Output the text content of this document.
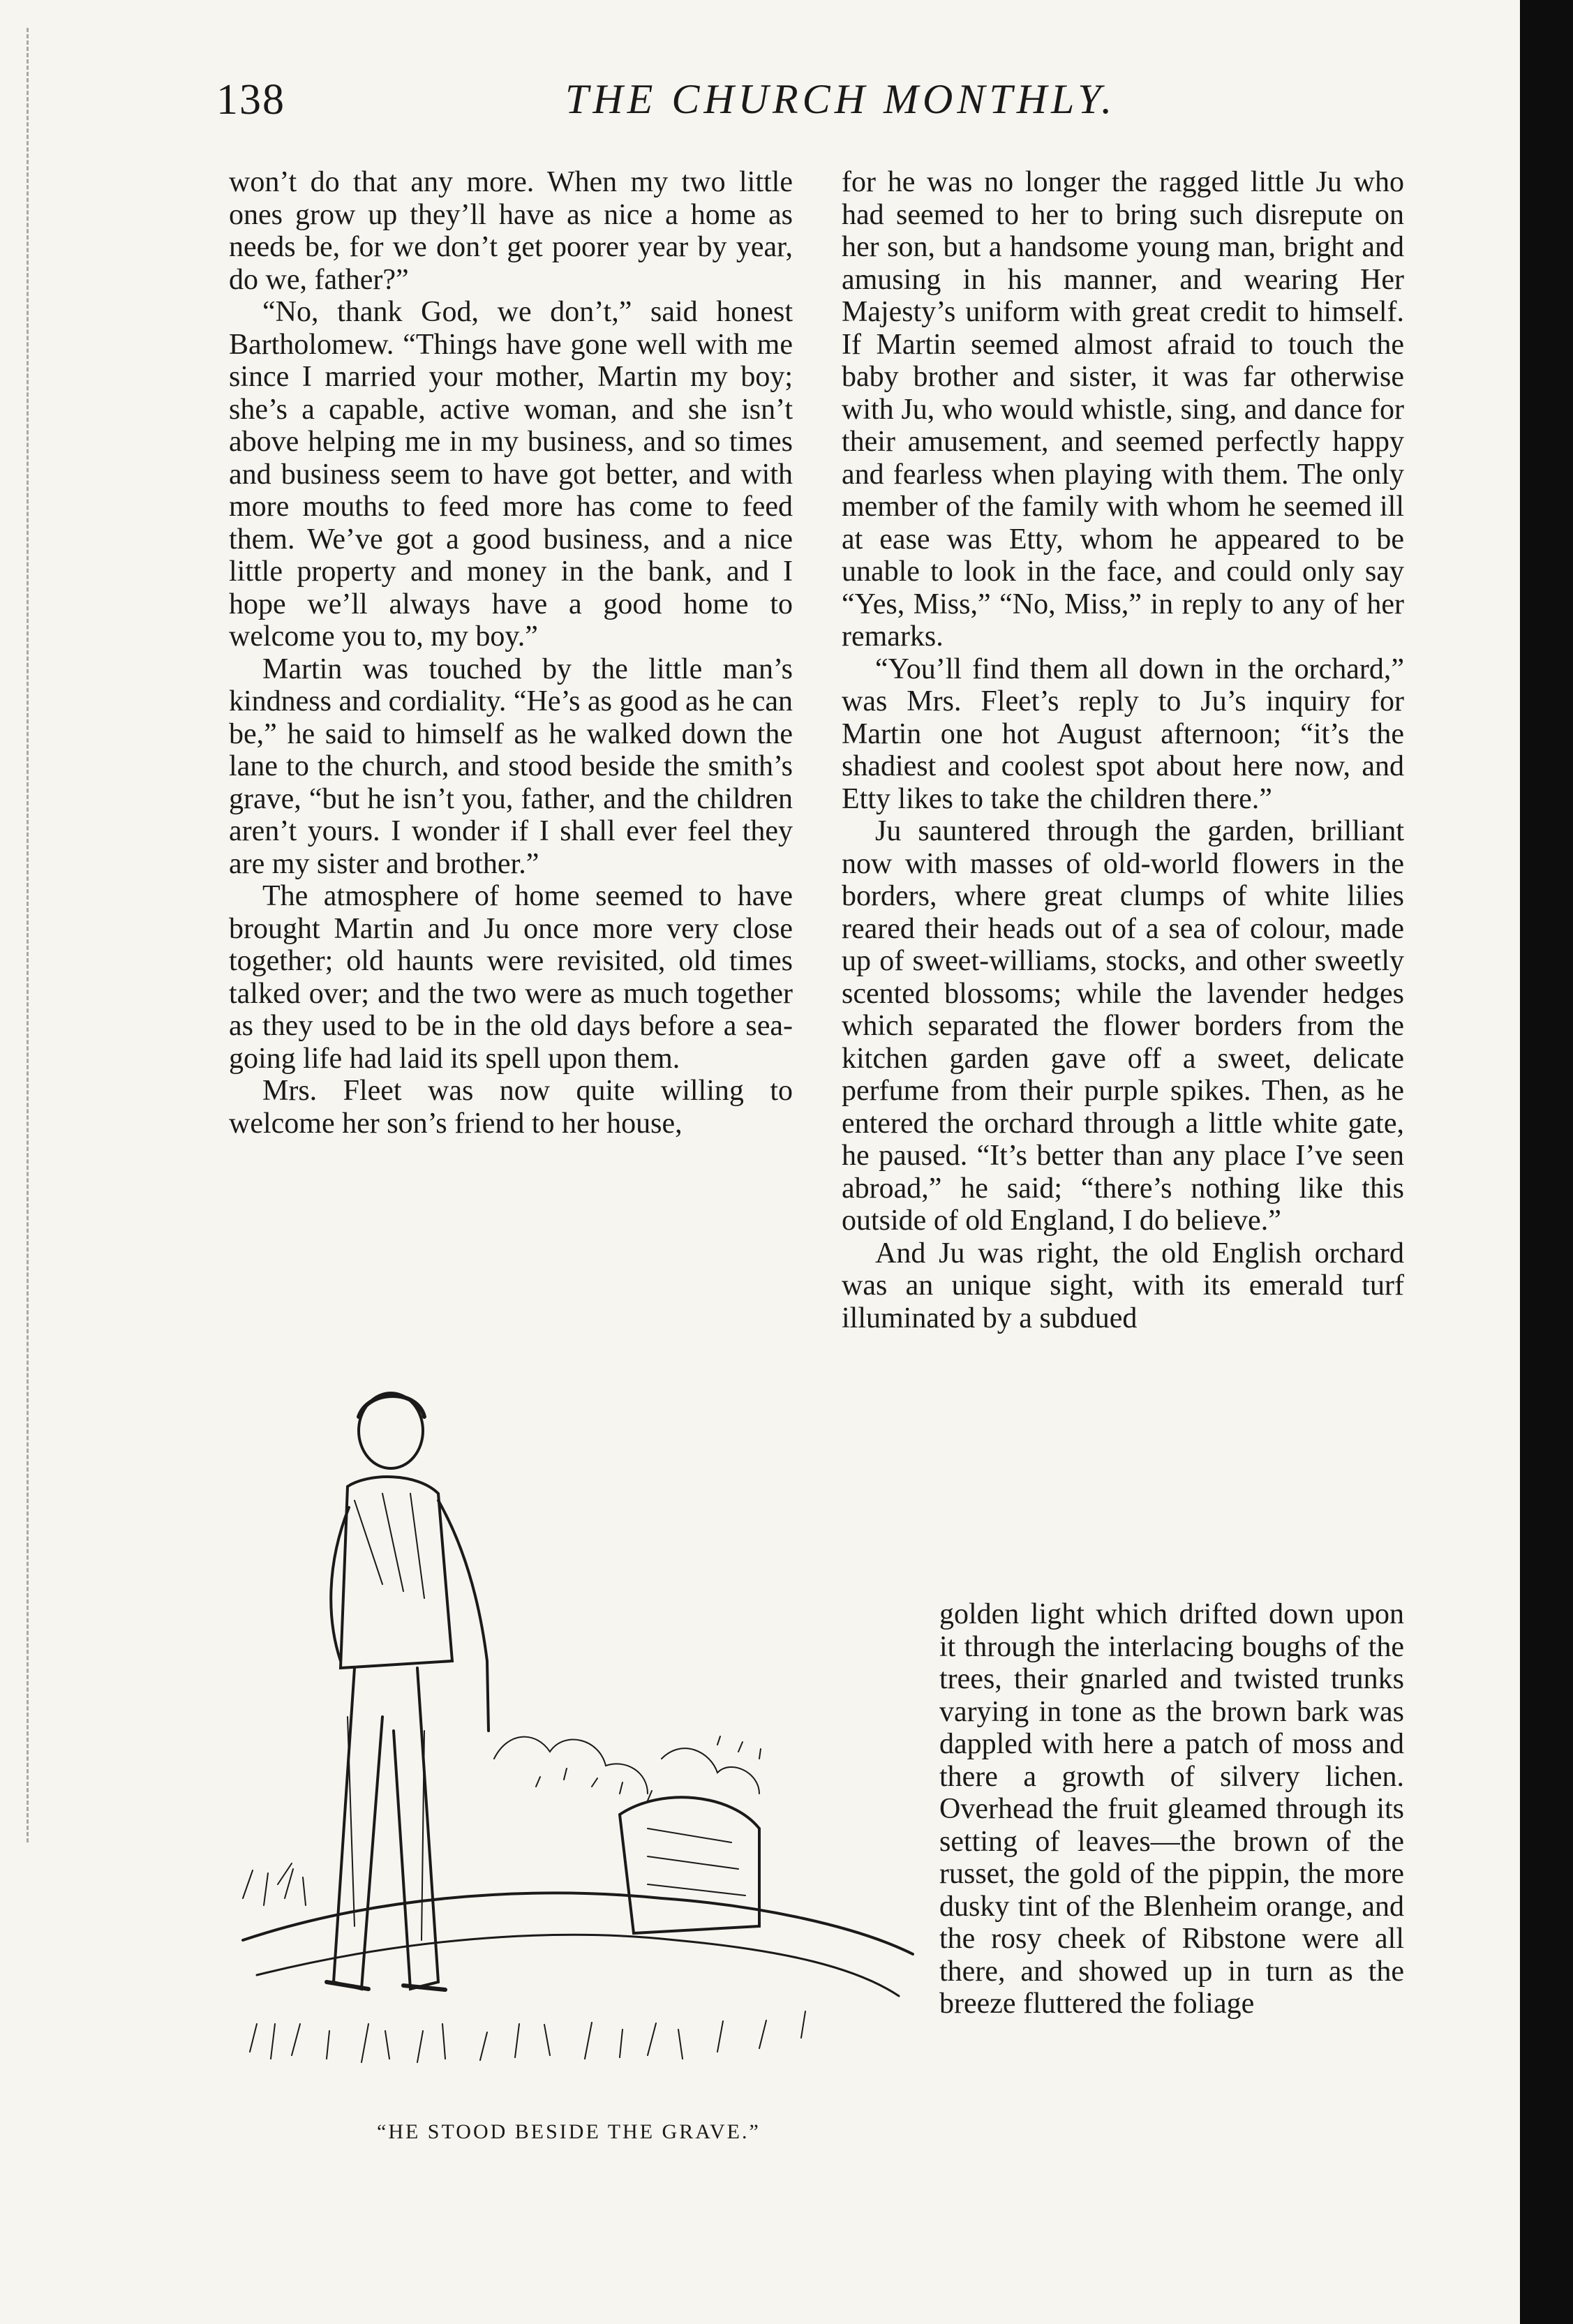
138	THE CHURCH MONTHLY.

won’t do that any more. When my two little ones grow up they’ll have as nice a home as needs be, for we don’t get poorer year by year, do we, father?”

“No, thank God, we don’t,” said honest Bartholomew. “Things have gone well with me since I married your mother, Martin my boy; she’s a capable, active woman, and she isn’t above helping me in my business, and so times and business seem to have got better, and with more mouths to feed more has come to feed them. We’ve got a good business, and a nice little property and money in the bank, and I hope we’ll always have a good home to welcome you to, my boy.”

Martin was touched by the little man’s kindness and cordiality. “He’s as good as he can be,” he said to himself as he walked down the lane to the church, and stood beside the smith’s grave, “but he isn’t you, father, and the children aren’t yours. I wonder if I shall ever feel they are my sister and brother.”

The atmosphere of home seemed to have brought Martin and Ju once more very close together; old haunts were revisited, old times talked over; and the two were as much together as they used to be in the old days before a sea-going life had laid its spell upon them.

Mrs. Fleet was now quite willing to welcome her son’s friend to her house,

for he was no longer the ragged little Ju who had seemed to her to bring such disrepute on her son, but a handsome young man, bright and amusing in his manner, and wearing Her Majesty’s uniform with great credit to himself. If Martin seemed almost afraid to touch the baby brother and sister, it was far otherwise with Ju, who would whistle, sing, and dance for their amusement, and seemed perfectly happy and fearless when playing with them. The only member of the family with whom he seemed ill at ease was Etty, whom he appeared to be unable to look in the face, and could only say “Yes, Miss,” “No, Miss,” in reply to any of her remarks.

“You’ll find them all down in the orchard,” was Mrs. Fleet’s reply to Ju’s inquiry for Martin one hot August afternoon; “it’s the shadiest and coolest spot about here now, and Etty likes to take the children there.”

Ju sauntered through the garden, brilliant now with masses of old-world flowers in the borders, where great clumps of white lilies reared their heads out of a sea of colour, made up of sweet-williams, stocks, and other sweetly scented blossoms; while the lavender hedges which separated the flower borders from the kitchen garden gave off a sweet, delicate perfume from their purple spikes. Then, as he entered the orchard through a little white gate, he paused. “It’s better than any place I’ve seen abroad,” he said; “there’s nothing like this outside of old England, I do believe.”

And Ju was right, the old English orchard was an unique sight, with its emerald turf illuminated by a subdued

golden light which drifted down upon it through the interlacing boughs of the trees, their gnarled and twisted trunks varying in tone as the brown bark was dappled with here a patch of moss and there a growth of silvery lichen. Overhead the fruit gleamed through its setting of leaves—the brown of the russet, the gold of the pippin, the more dusky tint of the Blenheim orange, and the rosy cheek of Ribstone were all there, and showed up in turn as the breeze fluttered the foliage

“HE STOOD BESIDE THE GRAVE.”
